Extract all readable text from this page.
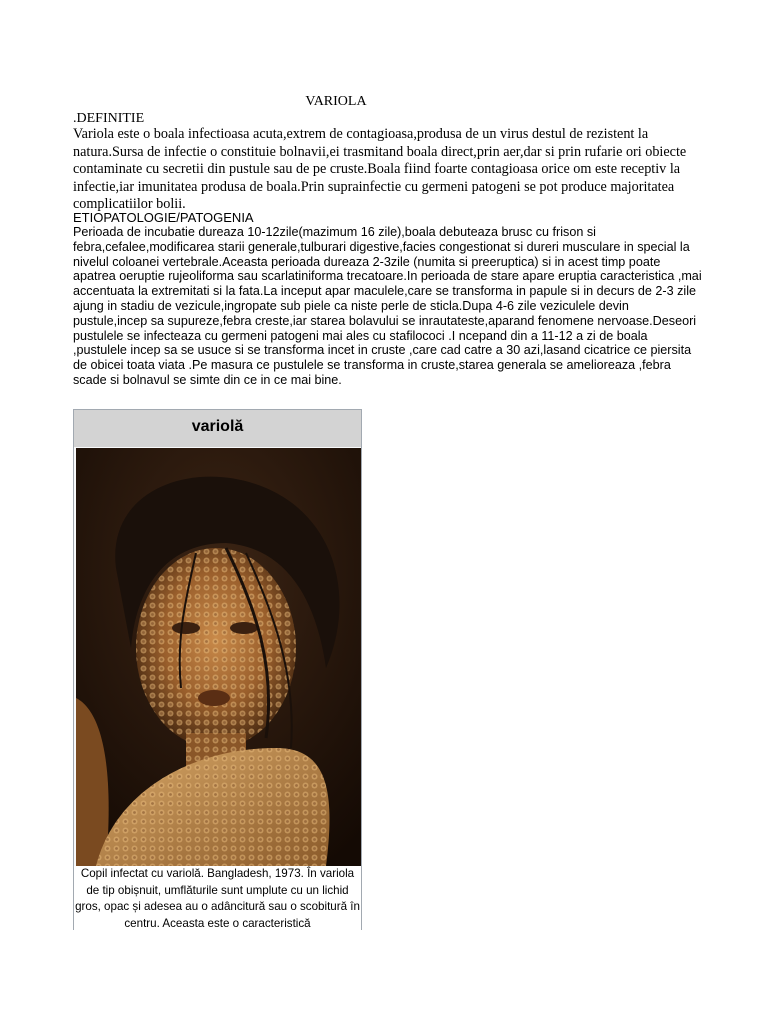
VARIOLA

.DEFINITIE

Variola este o boala infectioasa acuta,extrem de contagioasa,produsa de un virus destul de rezistent la natura.Sursa de infectie o constituie bolnavii,ei trasmitand boala direct,prin aer,dar si prin rufarie ori obiecte contaminate cu secretii din pustule sau de pe cruste.Boala fiind foarte contagioasa orice om este receptiv la infectie,iar imunitatea produsa de boala.Prin suprainfectie cu germeni patogeni se pot produce majoritatea complicatiilor bolii.

ETIOPATOLOGIE/PATOGENIA

Perioada de incubatie dureaza 10-12zile(mazimum 16 zile),boala debuteaza brusc cu frison si febra,cefalee,modificarea starii generale,tulburari digestive,facies congestionat si dureri musculare in special la nivelul coloanei vertebrale.Aceasta perioada dureaza 2-3zile (numita si preeruptica) si in acest timp poate apatrea oeruptie rujeoliforma sau scarlatiniforma trecatoare.In perioada de stare apare eruptia caracteristica ,mai accentuata la extremitati si la fata.La inceput apar maculele,care se transforma in papule si in decurs de 2-3 zile ajung in stadiu de vezicule,ingropate sub piele ca niste perle de sticla.Dupa 4-6 zile veziculele devin pustule,incep sa supureze,febra creste,iar starea bolavului se inrautateste,aparand fenomene nervoase.Deseori pustulele se infecteaza cu germeni patogeni mai ales cu stafilococi .I ncepand din a 11-12 a zi de boala ,pustulele incep sa se usuce si se transforma incet in cruste ,care cad catre a 30 azi,lasand cicatrice ce piersita de obicei toata viata .Pe masura ce pustulele se transforma in cruste,starea generala se amelioreaza ,febra scade si bolnavul se simte din ce in ce mai bine.

variolă
Copil infectat cu variolă. Bangladesh, 1973. În variola de tip obișnuit, umflăturile sunt umplute cu un lichid gros, opac și adesea au o adâncitură sau o scobitură în centru. Aceasta este o caracteristică
